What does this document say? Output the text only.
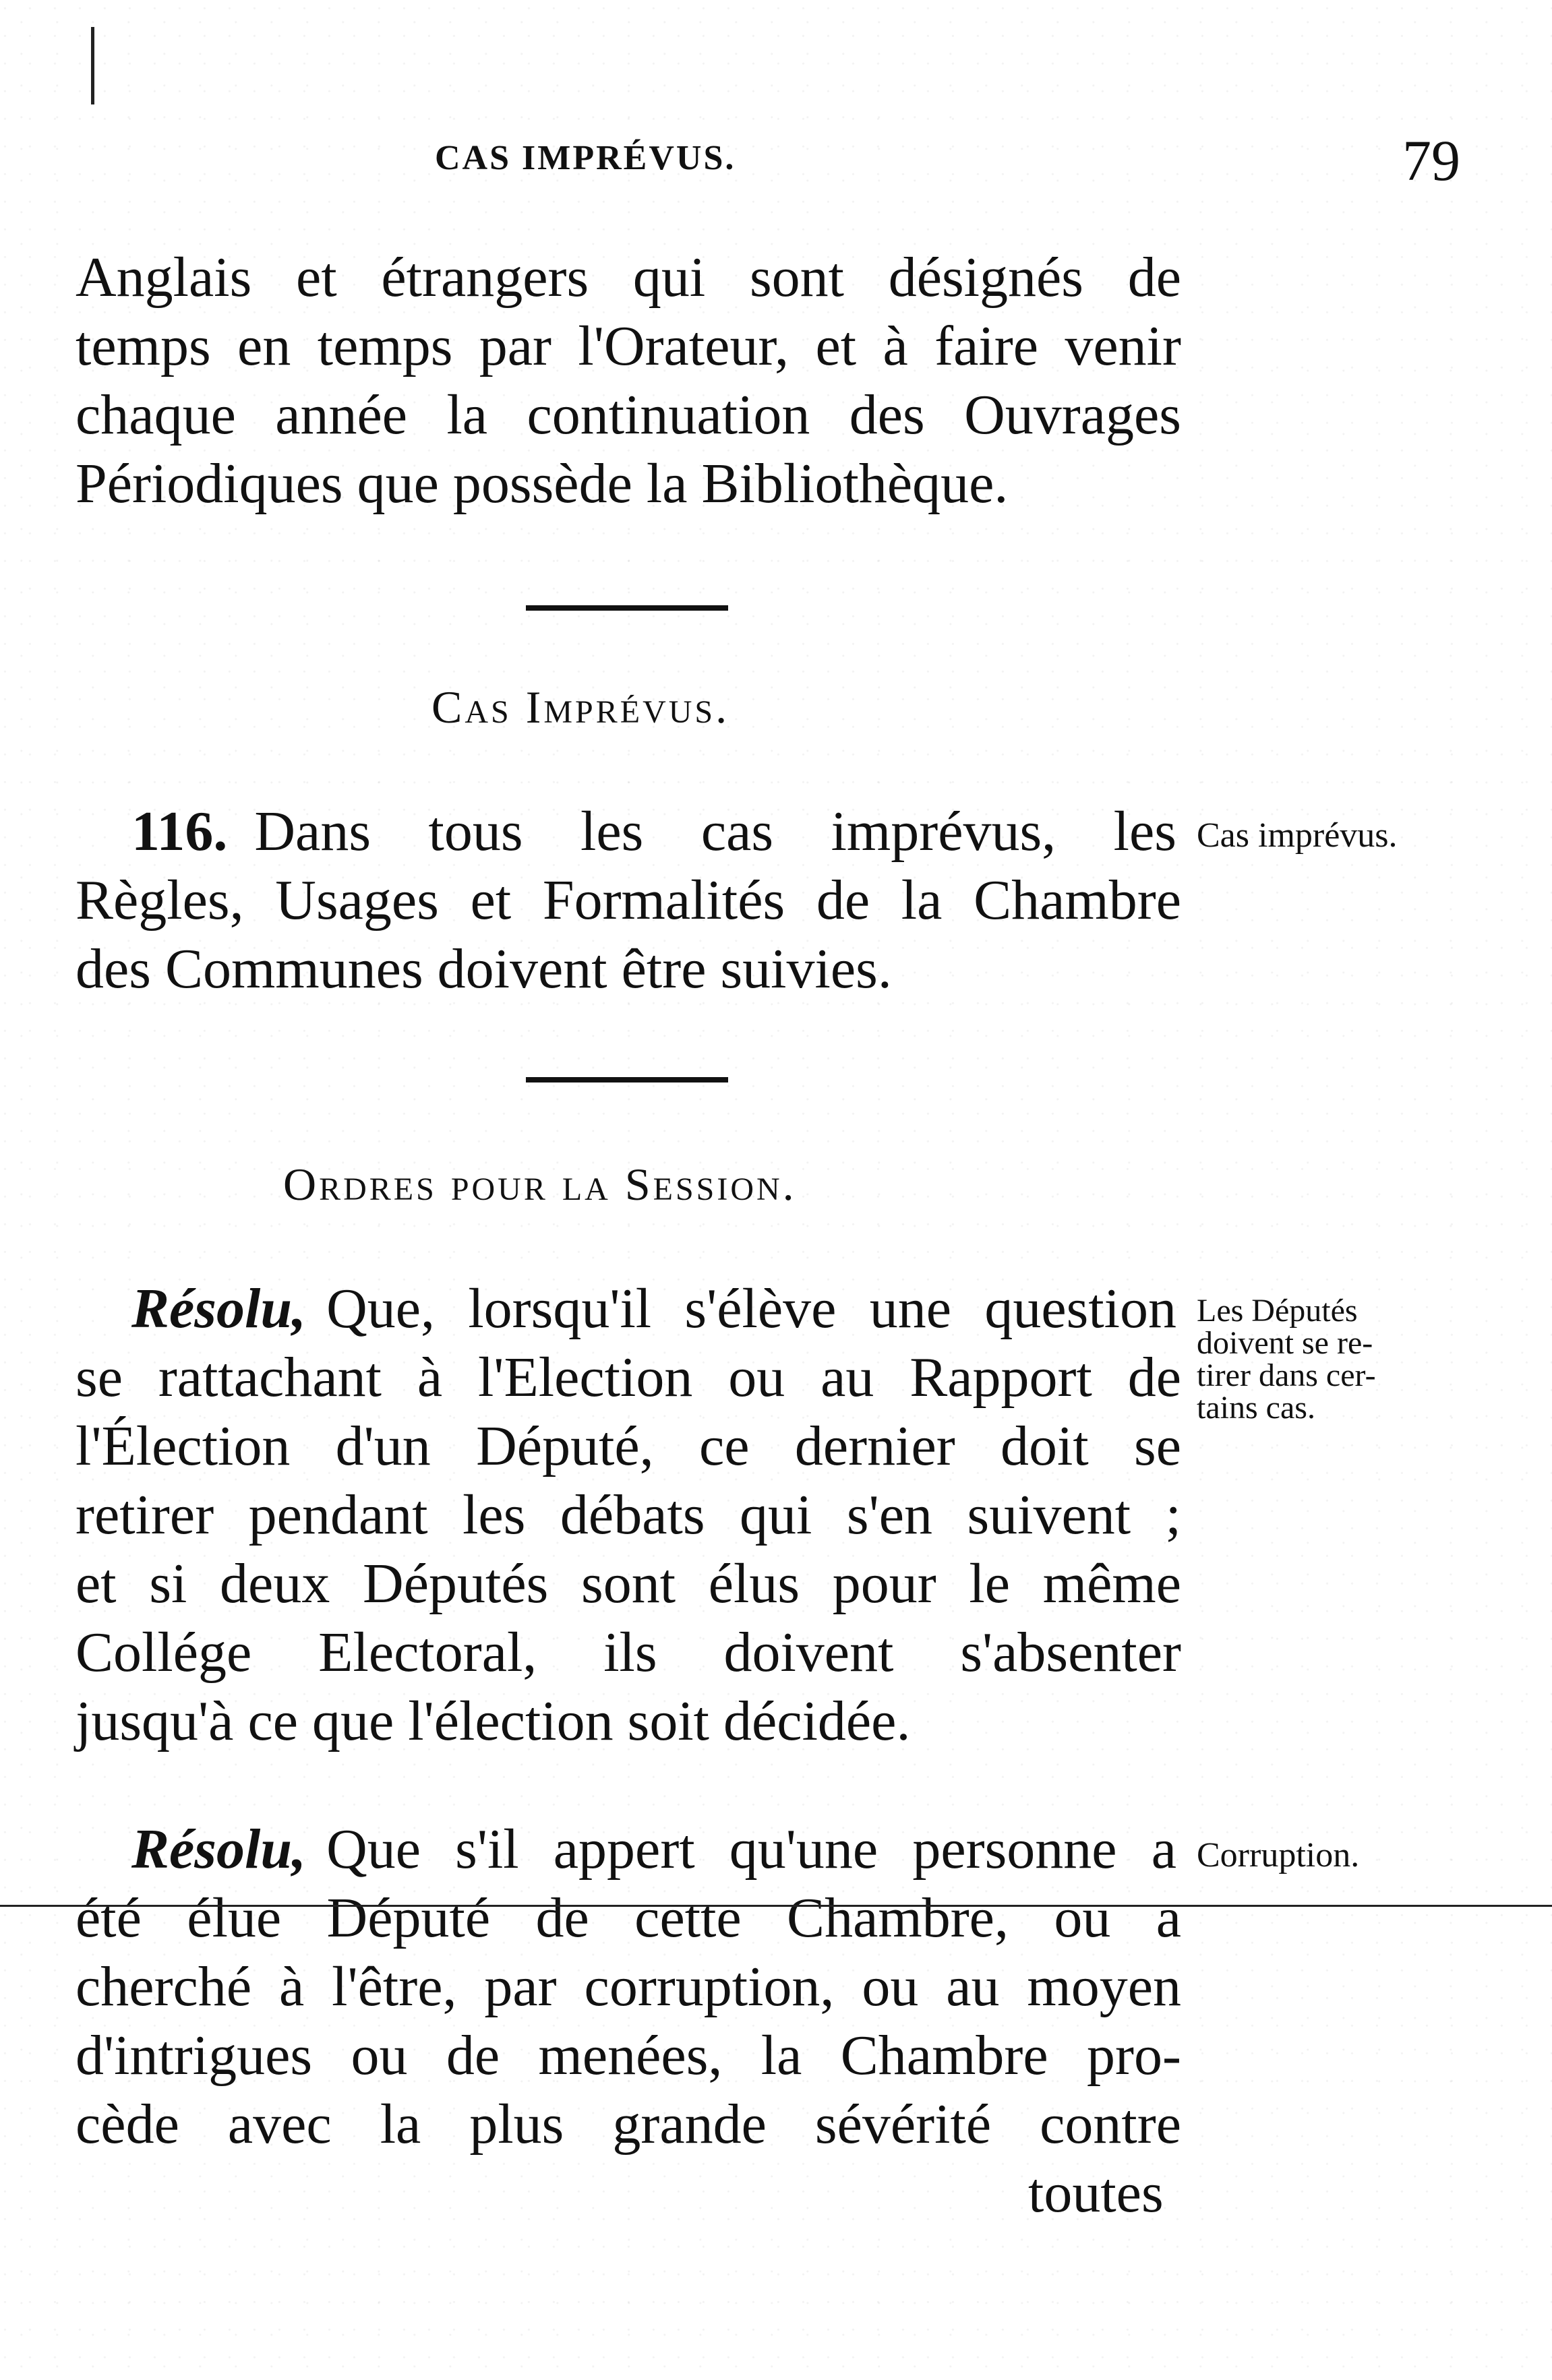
CAS IMPRÉVUS.	79
Anglais et étrangers qui sont désignés de
temps en temps par l'Orateur, et à faire venir
chaque année la continuation des Ouvrages
Périodiques que possède la Bibliothèque.
Cas Imprévus.
116. Dans tous les cas imprévus, les
Règles, Usages et Formalités de la Chambre
des Communes doivent être suivies.
Cas imprévus.
Ordres pour la Session.
Résolu, Que, lorsqu'il s'élève une question
se rattachant à l'Election ou au Rapport de
l'Élection d'un Député, ce dernier doit se
retirer pendant les débats qui s'en suivent ;
et si deux Députés sont élus pour le même
Collége Electoral, ils doivent s'absenter
jusqu'à ce que l'élection soit décidée.
Les Députés
doivent se re-
tirer dans cer-
tains cas.
Résolu, Que s'il appert qu'une personne a
été élue Député de cette Chambre, ou a
cherché à l'être, par corruption, ou au moyen
d'intrigues ou de menées, la Chambre pro-
cède avec la plus grande sévérité contre
Corruption.
toutes
